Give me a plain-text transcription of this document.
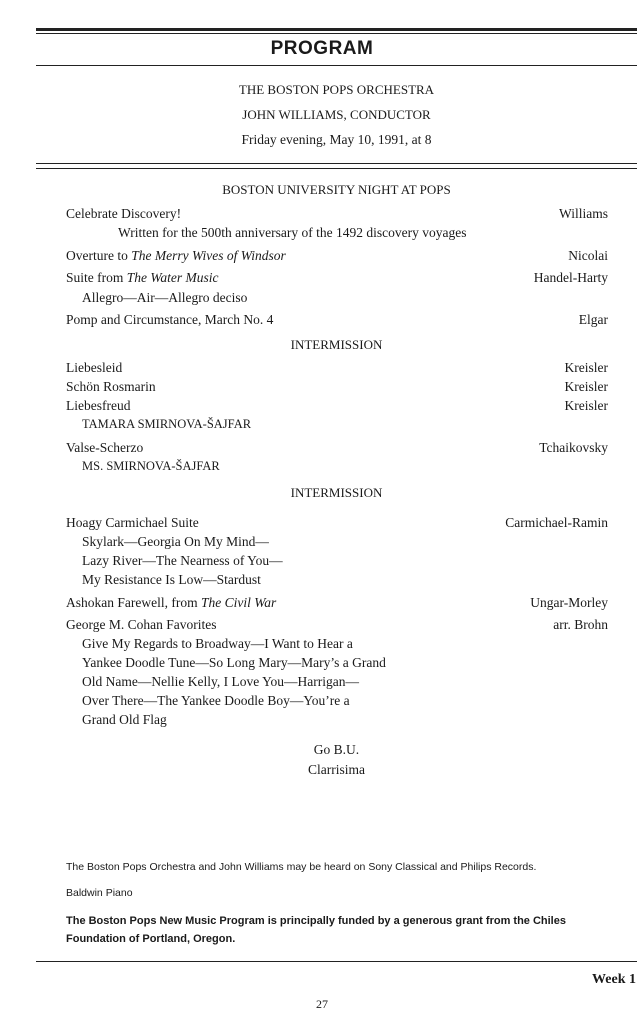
PROGRAM
THE BOSTON POPS ORCHESTRA
JOHN WILLIAMS, CONDUCTOR
Friday evening, May 10, 1991, at 8
BOSTON UNIVERSITY NIGHT AT POPS
Celebrate Discovery!	Williams
Written for the 500th anniversary of the 1492 discovery voyages
Overture to The Merry Wives of Windsor	Nicolai
Suite from The Water Music	Handel-Harty
Allegro—Air—Allegro deciso
Pomp and Circumstance, March No. 4	Elgar
INTERMISSION
Liebesleid	Kreisler
Schön Rosmarin	Kreisler
Liebesfreud	Kreisler
TAMARA SMIRNOVA-ŠAJFAR
Valse-Scherzo	Tchaikovsky
MS. SMIRNOVA-ŠAJFAR
INTERMISSION
Hoagy Carmichael Suite	Carmichael-Ramin
Skylark—Georgia On My Mind—
Lazy River—The Nearness of You—
My Resistance Is Low—Stardust
Ashokan Farewell, from The Civil War	Ungar-Morley
George M. Cohan Favorites	arr. Brohn
Give My Regards to Broadway—I Want to Hear a
Yankee Doodle Tune—So Long Mary—Mary’s a Grand
Old Name—Nellie Kelly, I Love You—Harrigan—
Over There—The Yankee Doodle Boy—You’re a
Grand Old Flag
Go B.U.
Clarrisima
The Boston Pops Orchestra and John Williams may be heard on Sony Classical and Philips Records.
Baldwin Piano
The Boston Pops New Music Program is principally funded by a generous grant from the Chiles Foundation of Portland, Oregon.
Week 1
27
